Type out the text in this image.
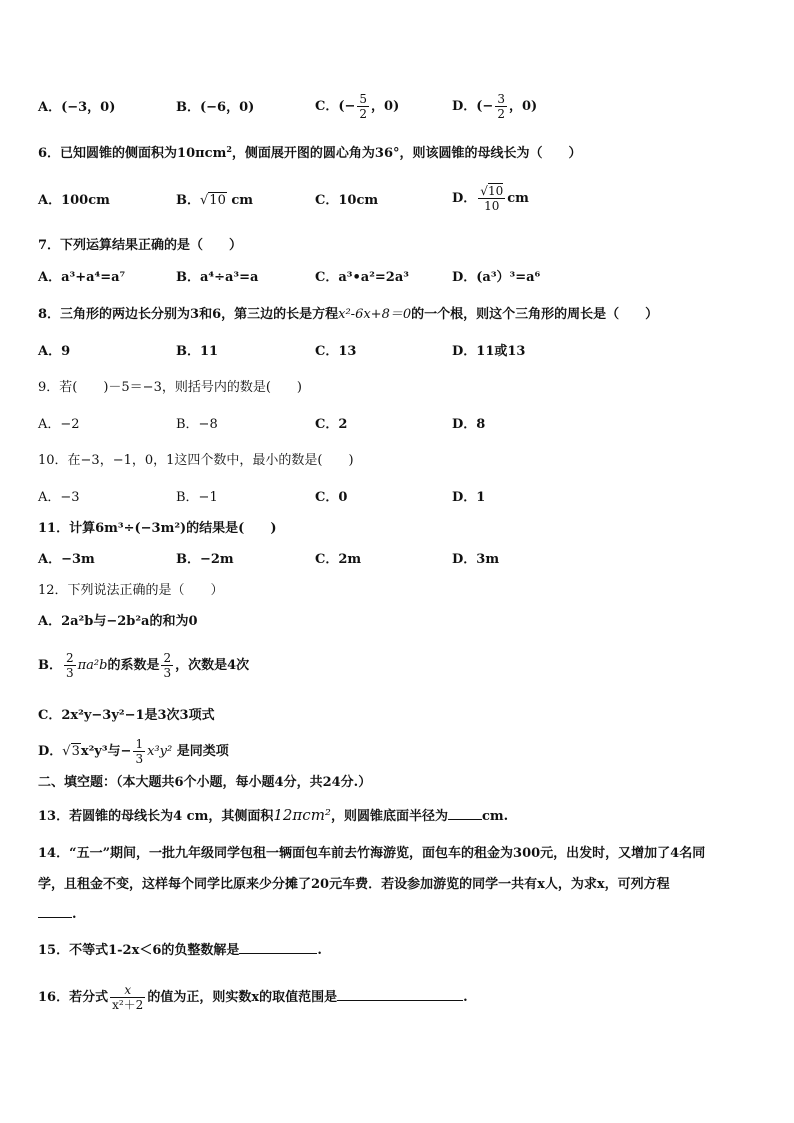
A．(−3，0)	B．(−6，0)	C．(− $\frac{5}{2}$ ，0)	D．(− $\frac{3}{2}$ ，0)
6．已知圆锥的侧面积为10πcm$^2$，侧面展开图的圆心角为36°，则该圆锥的母线长为（　　）
A．100cm	B．√10 cm	C．10cm	D． $\frac{√10}{10}$ cm
7．下列运算结果正确的是（　　）
A．a³+a⁴=a⁷	B．a⁴÷a³=a	C．a³•a²=2a³	D．(a³）³=a⁶
8．三角形的两边长分别为3和6，第三边的长是方程x²-6x+8＝0的一个根，则这个三角形的周长是（　　）
A．9	B．11	C．13	D．11或13
9．若(　　)－5＝−3，则括号内的数是(　　)
A．−2	B．−8	C．2	D．8
10．在−3，−1，0，1这四个数中，最小的数是(　　)
A．−3	B．−1	C．0	D．1
11．计算6m³÷(−3m²)的结果是(　　)
A．−3m	B．−2m	C．2m	D．3m
12．下列说法正确的是（　　）
A．2a²b与−2b²a的和为0
B． $\frac{2}{3} \pi a^2b$的系数是 $\frac{2}{3}$ ，次数是4次
C．2x²y−3y²−1是3次3项式
D．√3x²y³与− $\frac{1}{3} x^3y^2$ 是同类项
二、填空题：（本大题共6个小题，每小题4分，共24分.）
13．若圆锥的母线长为4 cm，其侧面积12πcm²，则圆锥底面半径为	cm.
14．“五一”期间，一批九年级同学包租一辆面包车前去竹海游览，面包车的租金为300元，出发时，又增加了4名同
学，且租金不变，这样每个同学比原来少分摊了20元车费．若设参加游览的同学一共有x人，为求x，可列方程
.
15．不等式1-2x＜6的负整数解是	.
16．若分式 $\frac{x}{\text{x²＋2}}$ 的值为正，则实数x的取值范围是	.
